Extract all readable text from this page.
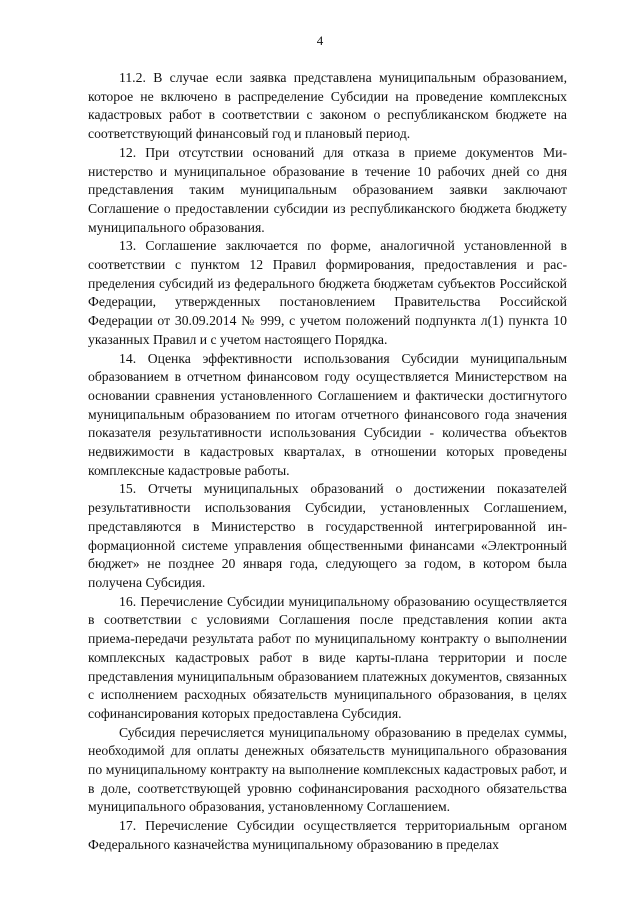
4

11.2. В случае если заявка представлена муниципальным образованием, которое не включено в распределение Субсидии на проведение комплексных кадастровых работ в соответствии с законом о республиканском бюджете на соответствующий финансовый год и плановый период.

12. При отсутствии оснований для отказа в приеме документов Министерство и муниципальное образование в течение 10 рабочих дней со дня представления таким муниципальным образованием заявки заключают Соглашение о предоставлении субсидии из республиканского бюджета бюджету муниципального образования.

13. Соглашение заключается по форме, аналогичной установленной в соответствии с пунктом 12 Правил формирования, предоставления и распределения субсидий из федерального бюджета бюджетам субъектов Российской Федерации, утвержденных постановлением Правительства Российской Федерации от 30.09.2014 № 999, с учетом положений подпункта л(1) пункта 10 указанных Правил и с учетом настоящего Порядка.

14. Оценка эффективности использования Субсидии муниципальным образованием в отчетном финансовом году осуществляется Министерством на основании сравнения установленного Соглашением и фактически достигнутого муниципальным образованием по итогам отчетного финансового года значения показателя результативности использования Субсидии - количества объектов недвижимости в кадастровых кварталах, в отношении которых проведены комплексные кадастровые работы.

15. Отчеты муниципальных образований о достижении показателей результативности использования Субсидии, установленных Соглашением, представляются в Министерство в государственной интегрированной информационной системе управления общественными финансами «Электронный бюджет» не позднее 20 января года, следующего за годом, в котором была получена Субсидия.

16. Перечисление Субсидии муниципальному образованию осуществляется в соответствии с условиями Соглашения после представления копии акта приема-передачи результата работ по муниципальному контракту о выполнении комплексных кадастровых работ в виде карты-плана территории и после представления муниципальным образованием платежных документов, связанных с исполнением расходных обязательств муниципального образования, в целях софинансирования которых предоставлена Субсидия.

Субсидия перечисляется муниципальному образованию в пределах суммы, необходимой для оплаты денежных обязательств муниципального образования по муниципальному контракту на выполнение комплексных кадастровых работ, и в доле, соответствующей уровню софинансирования расходного обязательства муниципального образования, установленному Соглашением.

17. Перечисление Субсидии осуществляется территориальным органом Федерального казначейства муниципальному образованию в пределах
